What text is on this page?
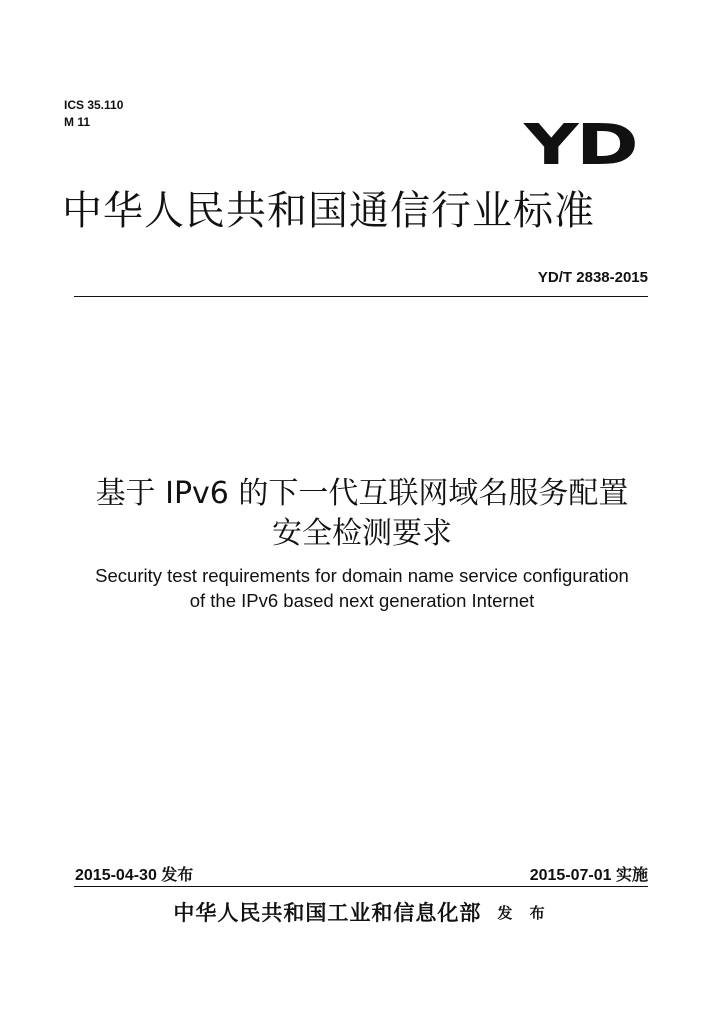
ICS 35.110
M 11	YD
中华人民共和国通信行业标准
YD/T 2838-2015
基于 IPv6 的下一代互联网域名服务配置
安全检测要求
Security test requirements for domain name service configuration
of the IPv6 based next generation Internet
2015-04-30 发布	2015-07-01 实施
中华人民共和国工业和信息化部 发 布
